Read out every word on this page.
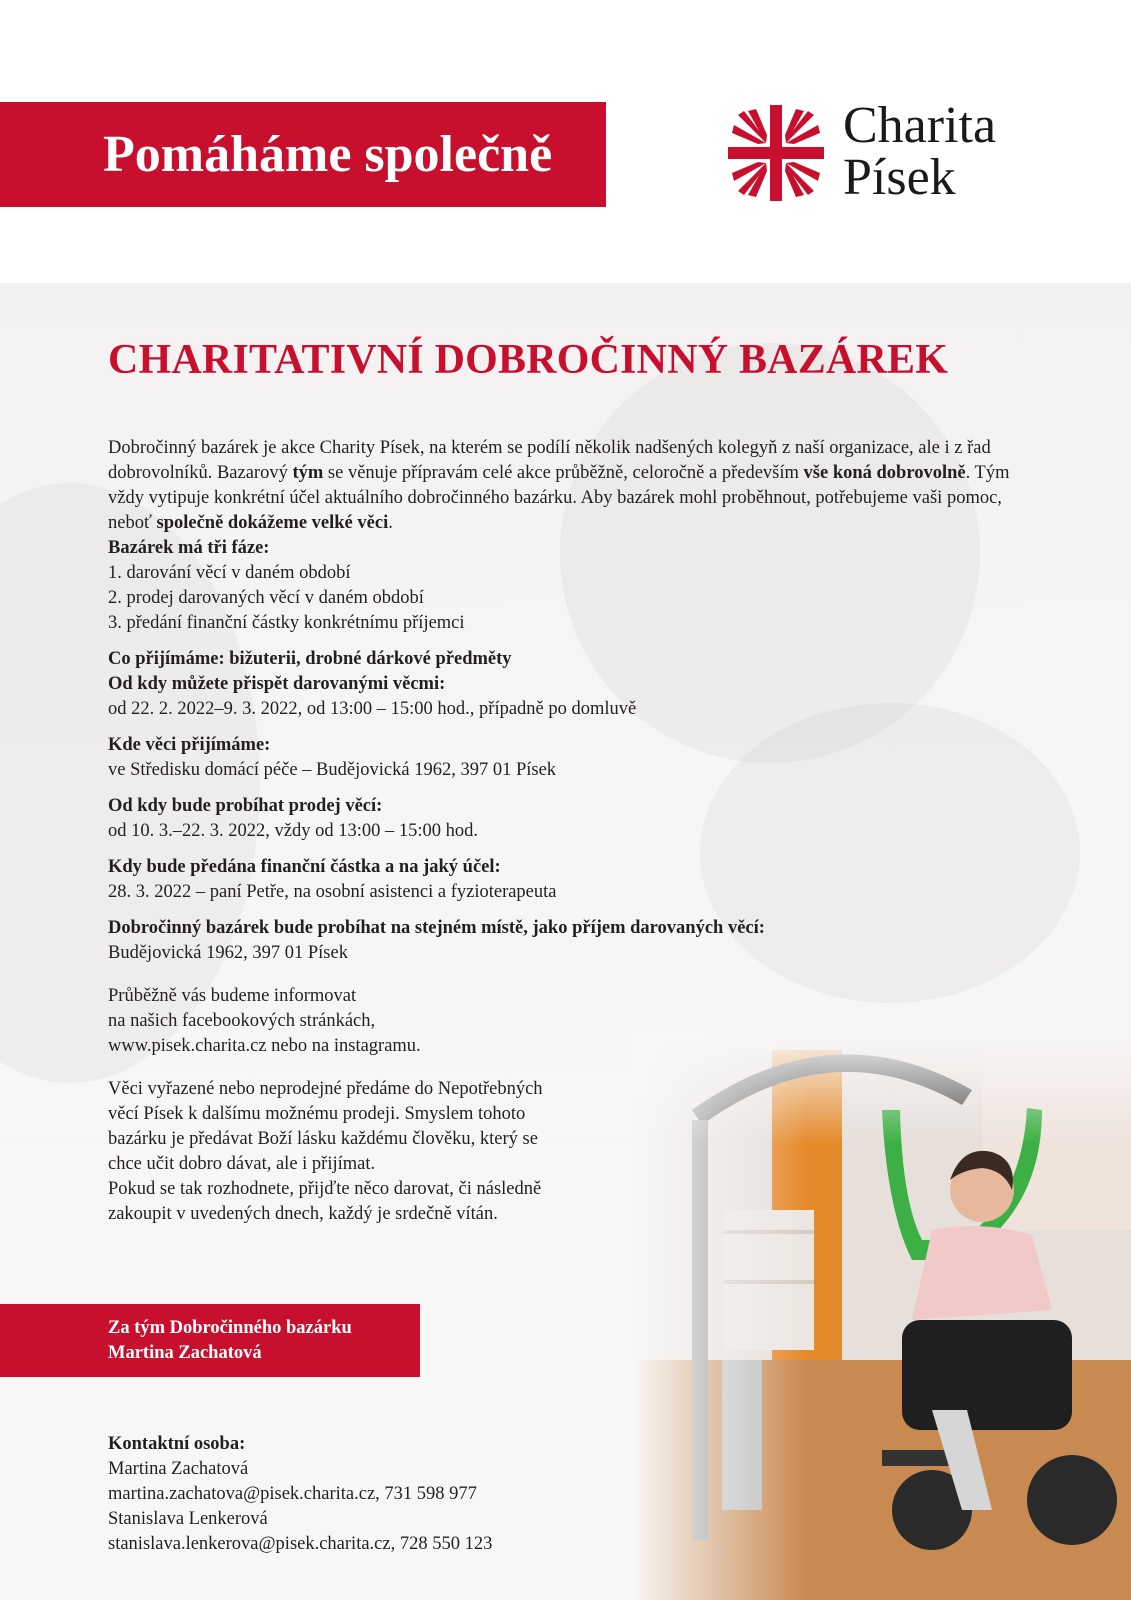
Pomáháme společně
Charita
Písek
CHARITATIVNÍ DOBROČINNÝ BAZÁREK

Dobročinný bazárek je akce Charity Písek, na kterém se podílí několik nadšených kolegyň z naší organizace, ale i z řad dobrovolníků. Bazarový tým se věnuje přípravám celé akce průběžně, celoročně a především vše koná dobrovolně. Tým vždy vytipuje konkrétní účel aktuálního dobročinného bazárku. Aby bazárek mohl proběhnout, potřebujeme vaši pomoc, neboť společně dokážeme velké věci.

Bazárek má tři fáze:

1. darování věcí v daném období

2. prodej darovaných věcí v daném období

3. předání finanční částky konkrétnímu příjemci

Co přijímáme: bižuterii, drobné dárkové předměty

Od kdy můžete přispět darovanými věcmi:

od 22. 2. 2022–9. 3. 2022, od 13:00 – 15:00 hod., případně po domluvě

Kde věci přijímáme:

ve Středisku domácí péče – Budějovická 1962, 397 01 Písek

Od kdy bude probíhat prodej věcí:

od 10. 3.–22. 3. 2022, vždy od 13:00 – 15:00 hod.

Kdy bude předána finanční částka a na jaký účel:

28. 3. 2022 – paní Petře, na osobní asistenci a fyzioterapeuta

Dobročinný bazárek bude probíhat na stejném místě, jako příjem darovaných věcí:

Budějovická 1962, 397 01 Písek

Průběžně vás budeme informovat

na našich facebookových stránkách,

www.pisek.charita.cz nebo na instagramu.

Věci vyřazené nebo neprodejné předáme do Nepotřebných

věcí Písek k dalšímu možnému prodeji. Smyslem tohoto

bazárku je předávat Boží lásku každému člověku, který se

chce učit dobro dávat, ale i přijímat.

Pokud se tak rozhodnete, přijďte něco darovat, či následně

zakoupit v uvedených dnech, každý je srdečně vítán.

Za tým Dobročinného bazárku
Martina Zachatová

Kontaktní osoba:

Martina Zachatová

martina.zachatova@pisek.charita.cz, 731 598 977

Stanislava Lenkerová

stanislava.lenkerova@pisek.charita.cz, 728 550 123
